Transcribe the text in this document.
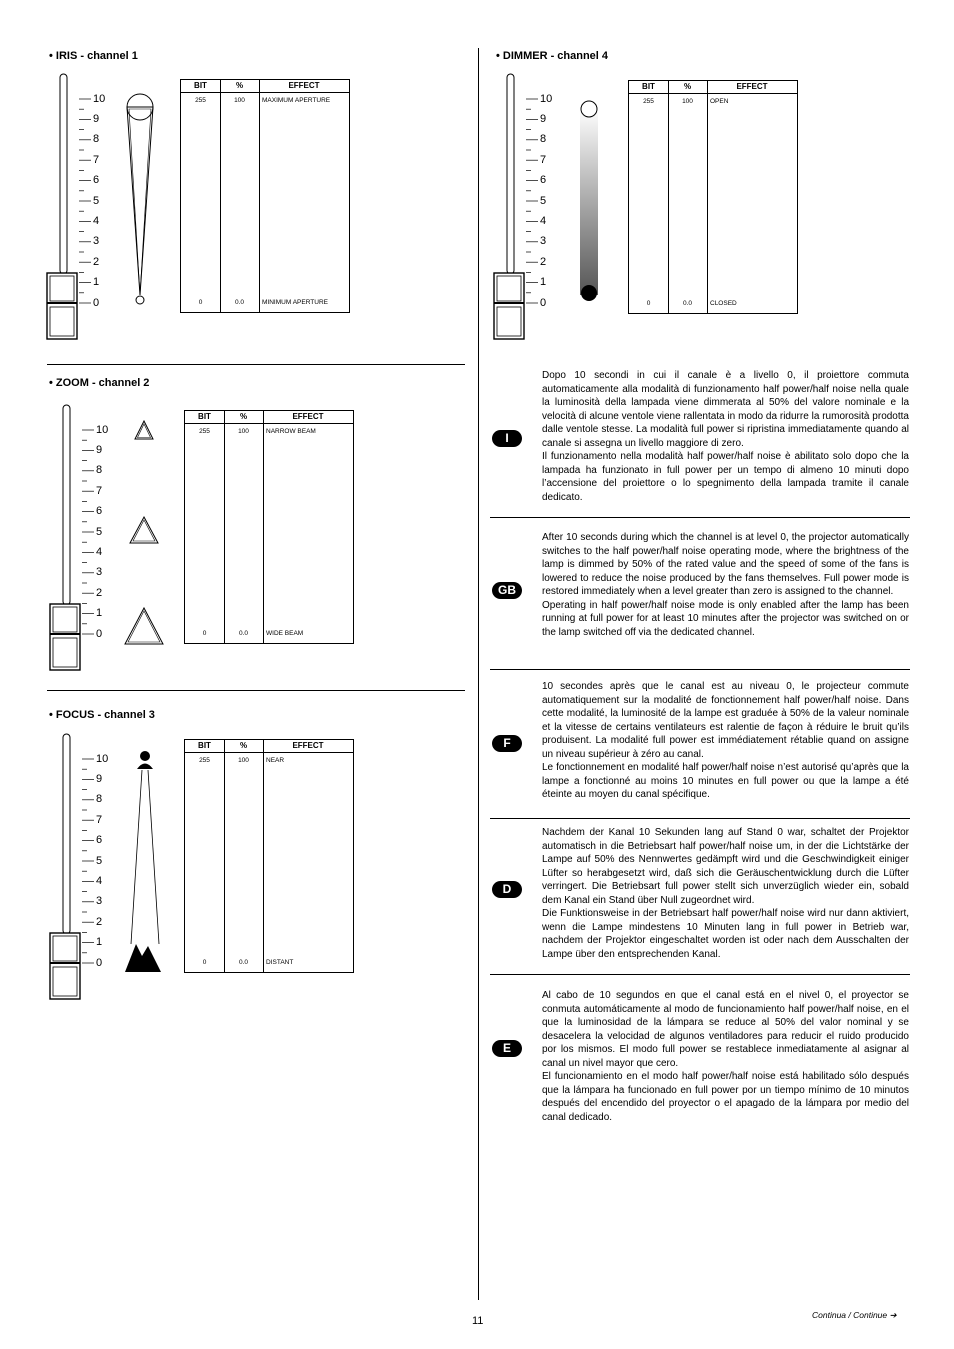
• IRIS - channel 1
10
9
8
7
6
5
4
3
2
1
0
BIT	%	EFFECT
255	100	MAXIMUM APERTURE
0	0.0	MINIMUM APERTURE
• ZOOM - channel 2
10
9
8
7
6
5
4
3
2
1
0
BIT	%	EFFECT
255	100	NARROW BEAM
0	0.0	WIDE BEAM
• FOCUS - channel 3
10
9
8
7
6
5
4
3
2
1
0
BIT	%	EFFECT
255	100	NEAR
0	0.0	DISTANT
• DIMMER - channel 4
10
9
8
7
6
5
4
3
2
1
0
BIT	%	EFFECT
255	100	OPEN
0	0.0	CLOSED
I

Dopo 10 secondi in cui il canale è a livello 0, il proiettore commuta automaticamente alla modalità di funzionamento half power/half noise nella quale la luminosità della lampada viene dimmerata al 50% del valore nominale e la velocità di alcune ventole viene rallentata in modo da ridurre la rumorosità prodotta dalle ventole stesse. La modalità full power si ripristina immediatamente quando al canale si assegna un livello maggiore di zero.

Il funzionamento nella modalità half power/half noise è abilitato solo dopo che la lampada ha funzionato in full power per un tempo di almeno 10 minuti dopo l’accensione del proiettore o lo spegnimento della lampada tramite il canale dedicato.

GB

After 10 seconds during which the channel is at level 0, the projector automatically switches to the half power/half noise operating mode, where the brightness of the lamp is dimmed by 50% of the rated value and the speed of some of the fans is lowered to reduce the noise produced by the fans themselves. Full power mode is restored immediately when a level greater than zero is assigned to the channel.

Operating in half power/half noise mode is only enabled after the lamp has been running at full power for at least 10 minutes after the projector was switched on or the lamp switched off via the dedicated channel.

F

10 secondes après que le canal est au niveau 0, le projecteur commute automatiquement sur la modalité de fonctionnement half power/half noise. Dans cette modalité, la luminosité de la lampe est graduée à 50% de la valeur nominale et la vitesse de certains ventilateurs est ralentie de façon à réduire le bruit qu’ils produisent. La modalité full power est immédiatement rétablie quand on assigne un niveau supérieur à zéro au canal.

Le fonctionnement en modalité half power/half noise n’est autorisé qu’après que la lampe a fonctionné au moins 10 minutes en full power ou que la lampe a été éteinte au moyen du canal spécifique.

D

Nachdem der Kanal 10 Sekunden lang auf Stand 0 war, schaltet der Projektor automatisch in die Betriebsart half power/half noise um, in der die Lichtstärke der Lampe auf 50% des Nennwertes gedämpft wird und die Geschwindigkeit einiger Lüfter so herabgesetzt wird, daß sich die Geräuschentwicklung durch die Lüfter verringert. Die Betriebsart full power stellt sich unverzüglich wieder ein, sobald dem Kanal ein Stand über Null zugeordnet wird.

Die Funktionsweise in der Betriebsart half power/half noise wird nur dann aktiviert, wenn die Lampe mindestens 10 Minuten lang in full power in Betrieb war, nachdem der Projektor eingeschaltet worden ist oder nach dem Ausschalten der Lampe über den entsprechenden Kanal.

E

Al cabo de 10 segundos en que el canal está en el nivel 0, el proyector se conmuta automáticamente al modo de funcionamiento half power/half noise, en el que la luminosidad de la lámpara se reduce al 50% del valor nominal y se desacelera la velocidad de algunos ventiladores para reducir el ruido producido por los mismos. El modo full power se restablece inmediatamente al asignar al canal un nivel mayor que cero.

El funcionamiento en el modo half power/half noise está habilitado sólo después que la lámpara ha funcionado en full power por un tiempo mínimo de 10 minutos después del encendido del proyector o el apagado de la lámpara por medio del canal dedicado.

11	Continua / Continue ➔
